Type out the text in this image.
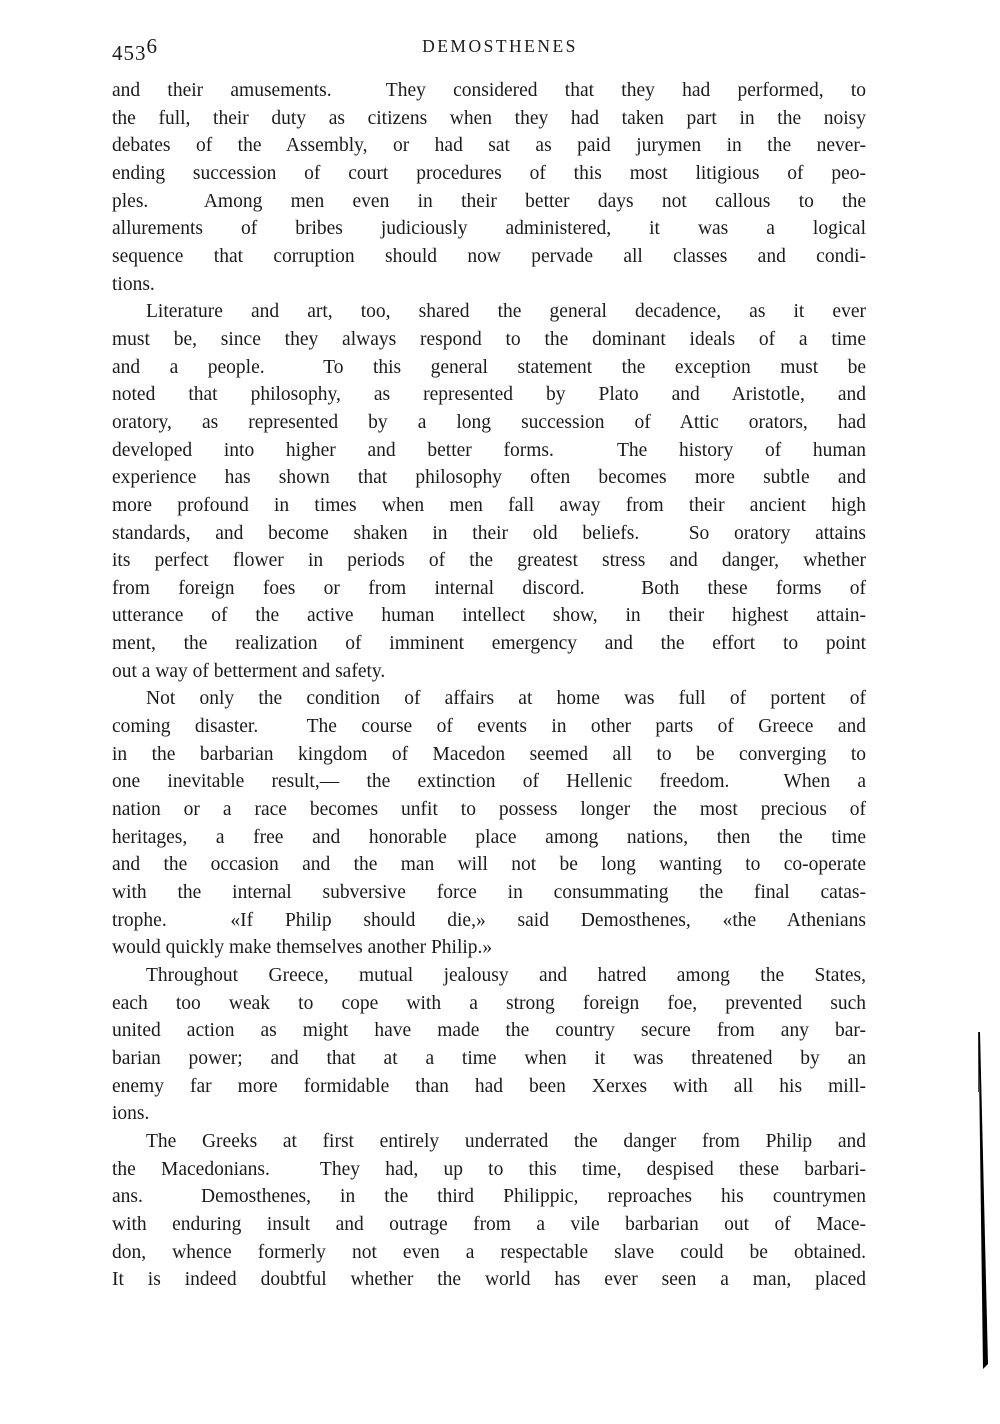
4536	DEMOSTHENES
and their amusements.  They considered that they had performed, to
the full, their duty as citizens when they had taken part in the noisy
debates of the Assembly, or had sat as paid jurymen in the never-
ending succession of court procedures of this most litigious of peo-
ples.  Among men even in their better days not callous to the
allurements of bribes judiciously administered, it was a logical
sequence that corruption should now pervade all classes and condi-
tions.
Literature and art, too, shared the general decadence, as it ever
must be, since they always respond to the dominant ideals of a time
and a people.  To this general statement the exception must be
noted that philosophy, as represented by Plato and Aristotle, and
oratory, as represented by a long succession of Attic orators, had
developed into higher and better forms.  The history of human
experience has shown that philosophy often becomes more subtle and
more profound in times when men fall away from their ancient high
standards, and become shaken in their old beliefs.  So oratory attains
its perfect flower in periods of the greatest stress and danger, whether
from foreign foes or from internal discord.  Both these forms of
utterance of the active human intellect show, in their highest attain-
ment, the realization of imminent emergency and the effort to point
out a way of betterment and safety.
Not only the condition of affairs at home was full of portent of
coming disaster.  The course of events in other parts of Greece and
in the barbarian kingdom of Macedon seemed all to be converging to
one inevitable result,— the extinction of Hellenic freedom.  When a
nation or a race becomes unfit to possess longer the most precious of
heritages, a free and honorable place among nations, then the time
and the occasion and the man will not be long wanting to co-operate
with the internal subversive force in consummating the final catas-
trophe.  «If Philip should die,» said Demosthenes, «the Athenians
would quickly make themselves another Philip.»
Throughout Greece, mutual jealousy and hatred among the States,
each too weak to cope with a strong foreign foe, prevented such
united action as might have made the country secure from any bar-
barian power; and that at a time when it was threatened by an
enemy far more formidable than had been Xerxes with all his mill-
ions.
The Greeks at first entirely underrated the danger from Philip and
the Macedonians.  They had, up to this time, despised these barbari-
ans.  Demosthenes, in the third Philippic, reproaches his countrymen
with enduring insult and outrage from a vile barbarian out of Mace-
don, whence formerly not even a respectable slave could be obtained.
It is indeed doubtful whether the world has ever seen a man, placed
